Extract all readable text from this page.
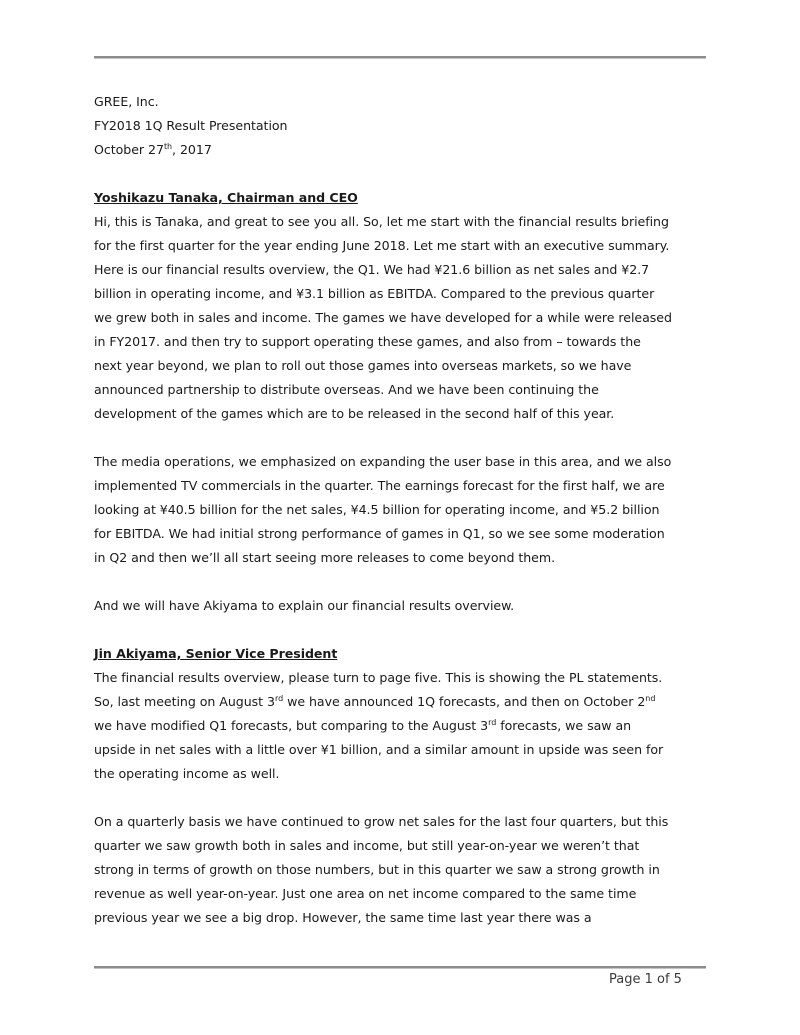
GREE, Inc.

FY2018 1Q Result Presentation

October 27th, 2017

Yoshikazu Tanaka, Chairman and CEO

Hi, this is Tanaka, and great to see you all. So, let me start with the financial results briefing

for the first quarter for the year ending June 2018. Let me start with an executive summary.

Here is our financial results overview, the Q1. We had ¥21.6 billion as net sales and ¥2.7

billion in operating income, and ¥3.1 billion as EBITDA. Compared to the previous quarter

we grew both in sales and income. The games we have developed for a while were released

in FY2017. and then try to support operating these games, and also from – towards the

next year beyond, we plan to roll out those games into overseas markets, so we have

announced partnership to distribute overseas. And we have been continuing the

development of the games which are to be released in the second half of this year.

The media operations, we emphasized on expanding the user base in this area, and we also

implemented TV commercials in the quarter. The earnings forecast for the first half, we are

looking at ¥40.5 billion for the net sales, ¥4.5 billion for operating income, and ¥5.2 billion

for EBITDA. We had initial strong performance of games in Q1, so we see some moderation

in Q2 and then we’ll all start seeing more releases to come beyond them.

And we will have Akiyama to explain our financial results overview.

Jin Akiyama, Senior Vice President

The financial results overview, please turn to page five. This is showing the PL statements.

So, last meeting on August 3rd we have announced 1Q forecasts, and then on October 2nd

we have modified Q1 forecasts, but comparing to the August 3rd forecasts, we saw an

upside in net sales with a little over ¥1 billion, and a similar amount in upside was seen for

the operating income as well.

On a quarterly basis we have continued to grow net sales for the last four quarters, but this

quarter we saw growth both in sales and income, but still year-on-year we weren’t that

strong in terms of growth on those numbers, but in this quarter we saw a strong growth in

revenue as well year-on-year. Just one area on net income compared to the same time

previous year we see a big drop. However, the same time last year there was a

Page 1 of 5
